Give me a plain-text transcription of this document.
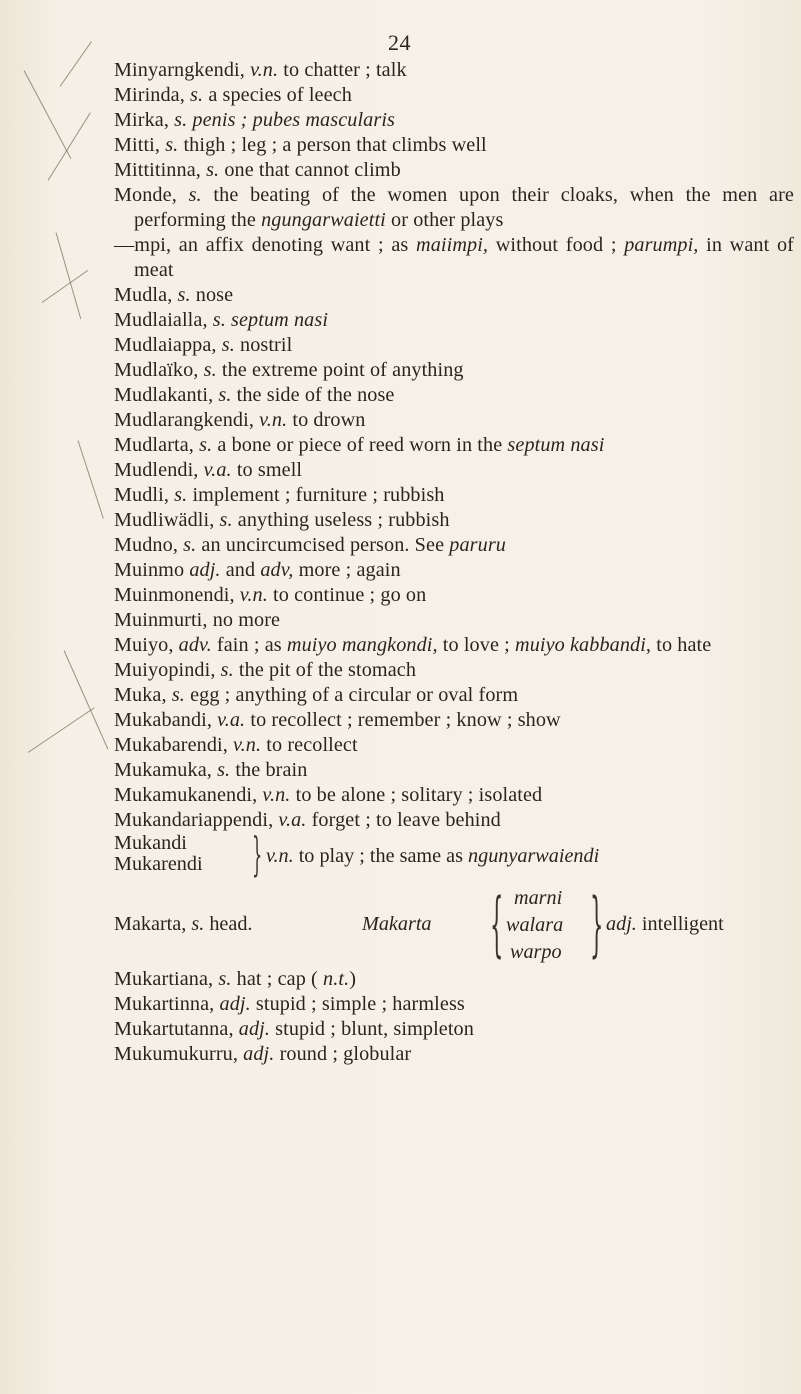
24
Minyarngkendi, v.n. to chatter ; talk
Mirinda, s. a species of leech
Mirka, s. penis ; pubes mascularis
Mitti, s. thigh ; leg ; a person that climbs well
Mittitinna, s. one that cannot climb
Monde, s. the beating of the women upon their cloaks, when the men are performing the ngungarwaietti or other plays
—mpi, an affix denoting want ; as maiimpi, without food ; parumpi, in want of meat
Mudla, s. nose
Mudlaialla, s. septum nasi
Mudlaiappa, s. nostril
Mudlaïko, s. the extreme point of anything
Mudlakanti, s. the side of the nose
Mudlarangkendi, v.n. to drown
Mudlarta, s. a bone or piece of reed worn in the septum nasi
Mudlendi, v.a. to smell
Mudli, s. implement ; furniture ; rubbish
Mudliwädli, s. anything useless ; rubbish
Mudno, s. an uncircumcised person. See paruru
Muinmo adj. and adv, more ; again
Muinmonendi, v.n. to continue ; go on
Muinmurti, no more
Muiyo, adv. fain ; as muiyo mangkondi, to love ; muiyo kabbandi, to hate
Muiyopindi, s. the pit of the stomach
Muka, s. egg ; anything of a circular or oval form
Mukabandi, v.a. to recollect ; remember ; know ; show
Mukabarendi, v.n. to recollect
Mukamuka, s. the brain
Mukamukanendi, v.n. to be alone ; solitary ; isolated
Mukandariappendi, v.a. forget ; to leave behind
Mukandi
Mukarendi } v.n. to play ; the same as ngunyarwaiendi
Makarta, s. head.	Makarta { marni
walara
warpo } adj. intelligent
Mukartiana, s. hat ; cap ( n.t.)
Mukartinna, adj. stupid ; simple ; harmless
Mukartutanna, adj. stupid ; blunt, simpleton
Mukumukurru, adj. round ; globular
